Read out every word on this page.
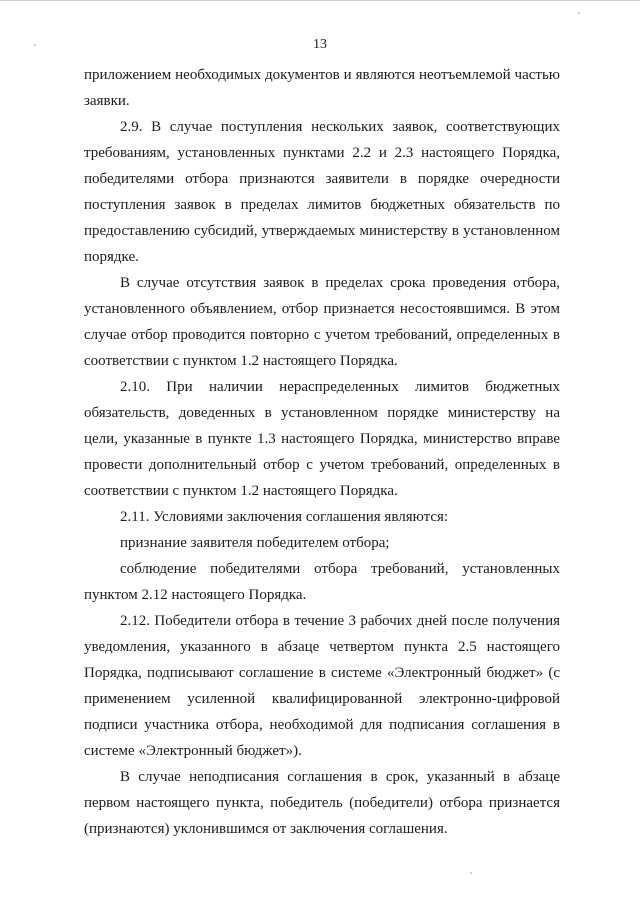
13

приложением необходимых документов и являются неотъемлемой частью заявки.

2.9. В случае поступления нескольких заявок, соответствующих требованиям, установленных пунктами 2.2 и 2.3 настоящего Порядка, победителями отбора признаются заявители в порядке очередности поступления заявок в пределах лимитов бюджетных обязательств по предоставлению субсидий, утверждаемых министерству в установленном порядке.

В случае отсутствия заявок в пределах срока проведения отбора, установленного объявлением, отбор признается несостоявшимся. В этом случае отбор проводится повторно с учетом требований, определенных в соответствии с пунктом 1.2 настоящего Порядка.

2.10. При наличии нераспределенных лимитов бюджетных обязательств, доведенных в установленном порядке министерству на цели, указанные в пункте 1.3 настоящего Порядка, министерство вправе провести дополнительный отбор с учетом требований, определенных в соответствии с пунктом 1.2 настоящего Порядка.

2.11. Условиями заключения соглашения являются:

признание заявителя победителем отбора;

соблюдение победителями отбора требований, установленных пунктом 2.12 настоящего Порядка.

2.12. Победители отбора в течение 3 рабочих дней после получения уведомления, указанного в абзаце четвертом пункта 2.5 настоящего Порядка, подписывают соглашение в системе «Электронный бюджет» (с применением усиленной квалифицированной электронно-цифровой подписи участника отбора, необходимой для подписания соглашения в системе «Электронный бюджет»).

В случае неподписания соглашения в срок, указанный в абзаце первом настоящего пункта, победитель (победители) отбора признается (признаются) уклонившимся от заключения соглашения.
